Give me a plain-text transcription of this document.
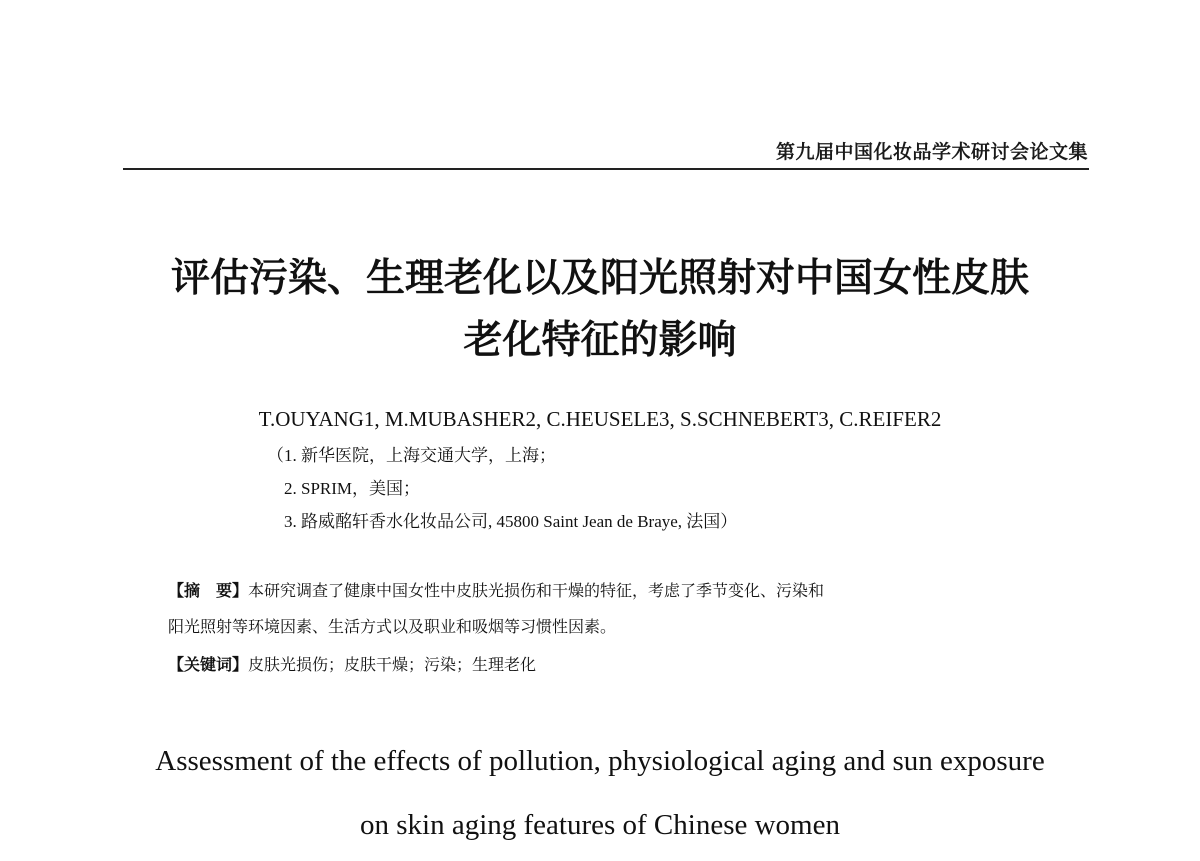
第九届中国化妆品学术研讨会论文集
评估污染、生理老化以及阳光照射对中国女性皮肤
老化特征的影响
T.OUYANG1, M.MUBASHER2, C.HEUSELE3, S.SCHNEBERT3, C.REIFER2
（1. 新华医院，上海交通大学，上海；
2. SPRIM，美国；
3. 路威酩轩香水化妆品公司, 45800 Saint Jean de Braye, 法国）
【摘　要】本研究调查了健康中国女性中皮肤光损伤和干燥的特征，考虑了季节变化、污染和
阳光照射等环境因素、生活方式以及职业和吸烟等习惯性因素。
【关键词】皮肤光损伤；皮肤干燥；污染；生理老化
Assessment of the effects of pollution, physiological aging and sun exposure
on skin aging features of Chinese women
